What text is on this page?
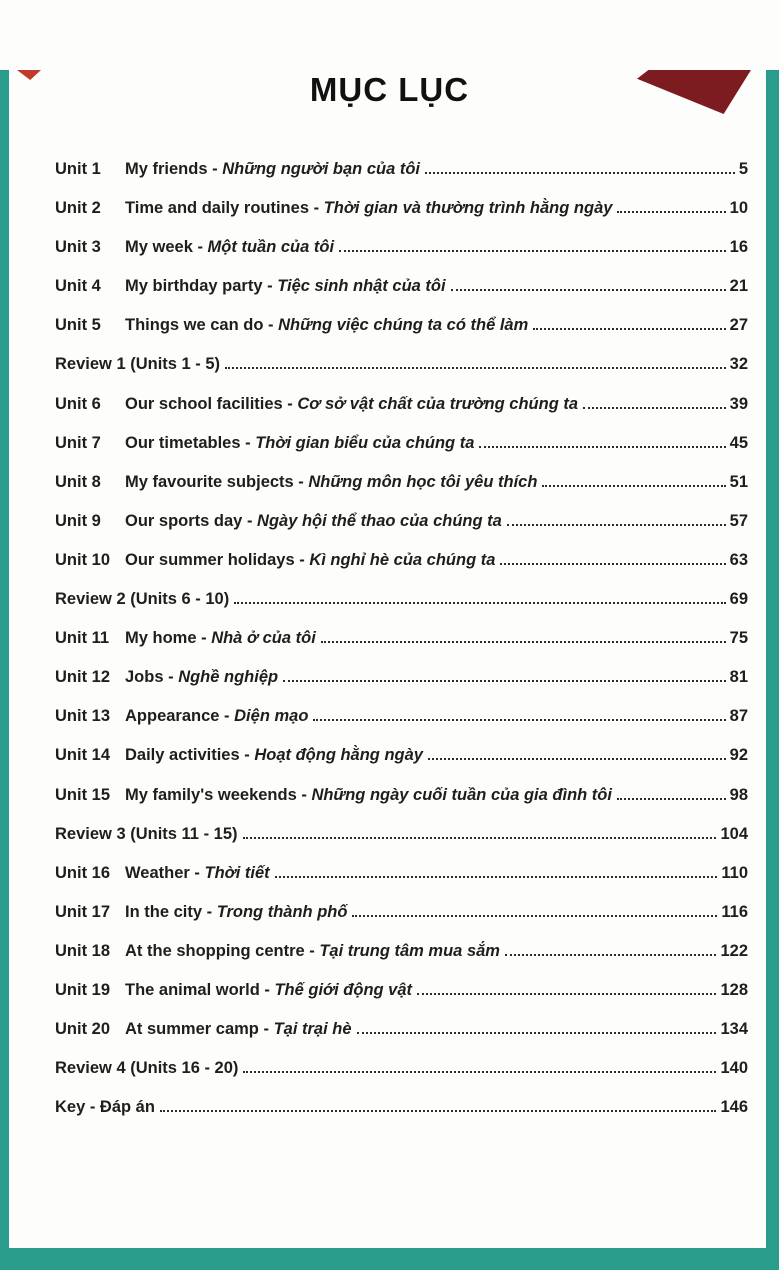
MỤC LỤC
Unit 1	My friends - Những người bạn của tôi	5
Unit 2	Time and daily routines - Thời gian và thường trình hằng ngày	10
Unit 3	My week - Một tuần của tôi	16
Unit 4	My birthday party - Tiệc sinh nhật của tôi	21
Unit 5	Things we can do - Những việc chúng ta có thể làm	27
Review 1 (Units 1 - 5)	32
Unit 6	Our school facilities - Cơ sở vật chất của trường chúng ta	39
Unit 7	Our timetables - Thời gian biểu của chúng ta	45
Unit 8	My favourite subjects - Những môn học tôi yêu thích	51
Unit 9	Our sports day - Ngày hội thể thao của chúng ta	57
Unit 10 Our summer holidays - Kì nghỉ hè của chúng ta	63
Review 2 (Units 6 - 10)	69
Unit 11 My home - Nhà ở của tôi	75
Unit 12 Jobs - Nghề nghiệp	81
Unit 13 Appearance - Diện mạo	87
Unit 14 Daily activities - Hoạt động hằng ngày	92
Unit 15 My family's weekends - Những ngày cuối tuần của gia đình tôi	98
Review 3 (Units 11 - 15)	104
Unit 16 Weather - Thời tiết	110
Unit 17 In the city - Trong thành phố	116
Unit 18 At the shopping centre - Tại trung tâm mua sắm	122
Unit 19 The animal world - Thế giới động vật	128
Unit 20 At summer camp - Tại trại hè	134
Review 4 (Units 16 - 20)	140
Key - Đáp án	146
